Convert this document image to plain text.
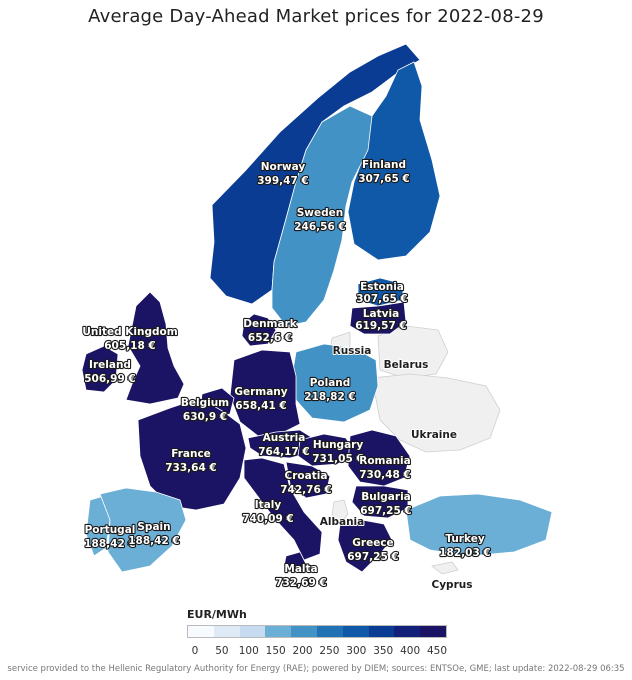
Average Day-Ahead Market prices for 2022-08-29
Russia
Belarus
Ukraine
Albania
Cyprus
Norway
399,47 €
Finland
307,65 €
Sweden
246,56 €
Estonia
307,65 €
Latvia
619,57 €
Denmark
652,6 €
United Kingdom
605,18 €
Ireland
506,99 €	Poland
218,82 €
Germany
658,41 €
Belgium
630,9 €
France
733,64 €
Austria
764,17 €
Hungary
731,05 €
Romania
730,48 €
Croatia
742,76 €
Bulgaria
697,25 €
Italy
740,09 €
Portugal
188,42 €
Spain
188,42 €	Greece
697,25 €
Turkey
182,03 €
Malta
732,69 €
EUR/MWh
0 50 100 150 200 250 300 350 400 450
service provided to the Hellenic Regulatory Authority for Energy (RAE); powered by DIEM; sources: ENTSOe, GME; last update: 2022-08-29 06:35
